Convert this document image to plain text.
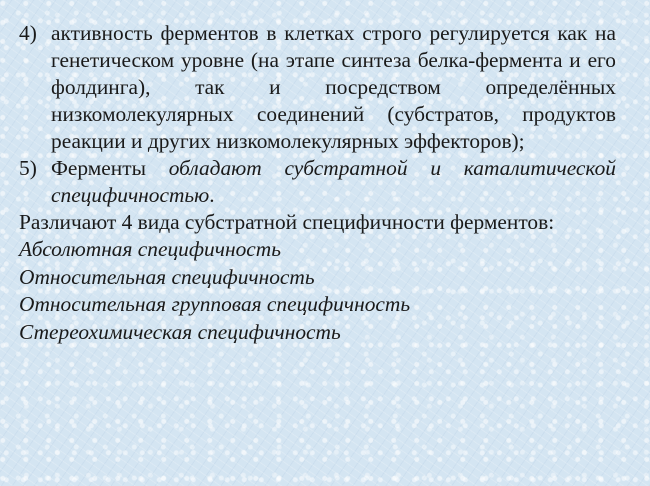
4) активность ферментов в клетках строго регулируется как на генетическом уровне (на этапе синтеза белка-фермента и его фолдинга), так и посредством определённых низкомолекулярных соединений (субстратов, продуктов реакции и других низкомолекулярных эффекторов);
5) Ферменты обладают субстратной и каталитической специфичностью.
Различают 4 вида субстратной специфичности ферментов:
Абсолютная специфичность
Относительная специфичность
Относительная групповая специфичность
Стереохимическая специфичность
